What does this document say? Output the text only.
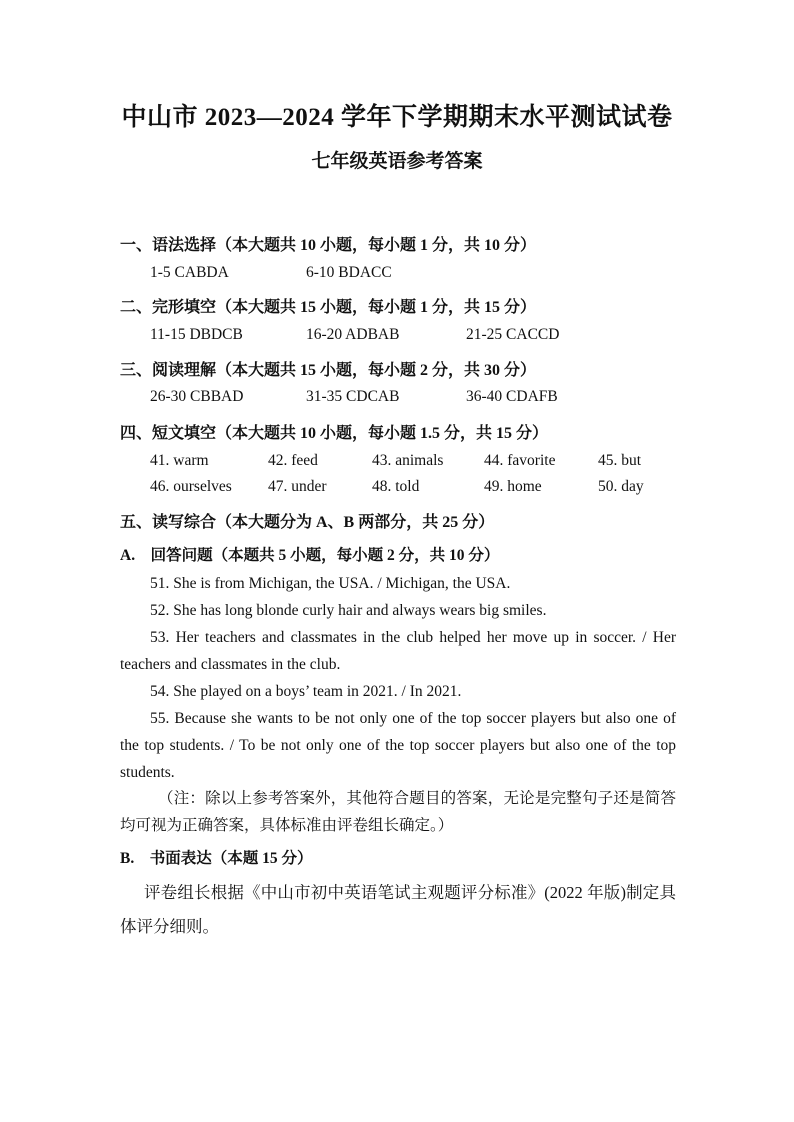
中山市 2023—2024 学年下学期期末水平测试试卷
七年级英语参考答案
一、语法选择（本大题共 10 小题，每小题 1 分，共 10 分）
1-5 CABDA	6-10 BDACC
二、完形填空（本大题共 15 小题，每小题 1 分，共 15 分）
11-15 DBDCB	16-20 ADBAB	21-25 CACCD
三、阅读理解（本大题共 15 小题，每小题 2 分，共 30 分）
26-30 CBBAD	31-35 CDCAB	36-40 CDAFB
四、短文填空（本大题共 10 小题，每小题 1.5 分，共 15 分）
41. warm	42. feed	43. animals	44. favorite	45. but
46. ourselves 47. under	48. told	49. home	50. day
五、读写综合（本大题分为 A、B 两部分，共 25 分）
A.　回答问题（本题共 5 小题，每小题 2 分，共 10 分）
51. She is from Michigan, the USA. / Michigan, the USA.
52. She has long blonde curly hair and always wears big smiles.
53. Her teachers and classmates in the club helped her move up in soccer. / Her teachers and classmates in the club.
54. She played on a boys’ team in 2021. / In 2021.
55. Because she wants to be not only one of the top soccer players but also one of the top students. / To be not only one of the top soccer players but also one of the top students.
（注：除以上参考答案外，其他符合题目的答案，无论是完整句子还是简答均可视为正确答案，具体标准由评卷组长确定。）
B.　书面表达（本题 15 分）
评卷组长根据《中山市初中英语笔试主观题评分标准》(2022 年版)制定具体评分细则。
